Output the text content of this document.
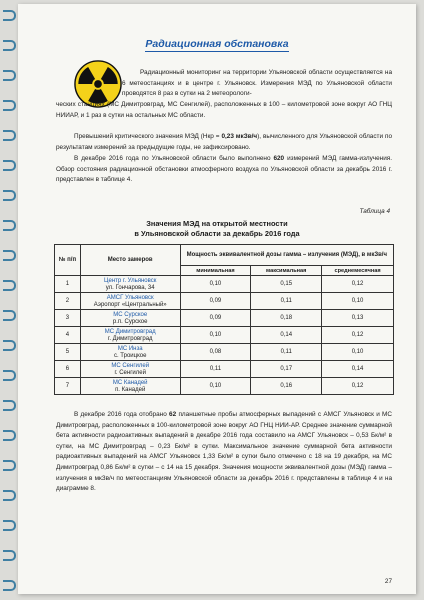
Радиационная обстановка

Радиационный мониторинг на территории Ульяновской области осуществляется на 6 метеостанциях и в центре г. Ульяновск. Измерения МЭД по Ульяновской области проводятся 8 раз в сутки на 2 метеорологи-

ческих станциях (МС Димитровград, МС Сенгилей), расположенных в 100 – километровой зоне вокруг АО ГНЦ НИИАР, и 1 раз в сутки на остальных МС области.

Превышений критического значения МЭД (Нкр = 0,23 мкЗв/ч), вычисленного для Ульяновской области по результатам измерений за предыдущие годы, не зафиксировано.

В декабре 2016 года по Ульяновской области было выполнено 620 измерений МЭД гамма-излучения. Обзор состояния радиационной обстановки атмосферного воздуха по Ульяновской области за декабрь 2016 г. представлен в таблице 4.

Таблица 4
Значения МЭД на открытой местности
в Ульяновской области за декабрь 2016 года
№ п/п	Место замеров	Мощность эквивалентной дозы гамма – излучения (МЭД), в мкЗв/ч		
		минимальная	максимальная	среднемесячная
1	Центр г. Ульяновск
ул. Гончарова, 34	0,10	0,15	0,12
2	АМСГ Ульяновск
Аэропорт «Центральный»	0,09	0,11	0,10
3	МС Сурское
р.п. Сурское	0,09	0,18	0,13
4	МС Димитровград
г. Димитровград	0,10	0,14	0,12
5	МС Инза
с. Троицкое	0,08	0,11	0,10
6	МС Сенгилей
г. Сенгилей	0,11	0,17	0,14
7	МС Канадей
п. Канадей	0,10	0,16	0,12

В декабре 2016 года отобрано 62 планшетные пробы атмосферных выпадений с АМСГ Ульяновск и МС Димитровград, расположенных в 100-километровой зоне вокруг АО ГНЦ НИИ-АР. Среднее значение суммарной бета активности радиоактивных выпадений в декабре 2016 года составило на АМСГ Ульяновск – 0,53 Бк/м² в сутки, на МС Димитровград – 0,23 Бк/м² в сутки. Максимальное значение суммарной бета активности радиоактивных выпадений на АМСГ Ульяновск 1,33 Бк/м² в сутки было отмечено с 18 на 19 декабря, на МС Димитровград 0,86 Бк/м² в сутки – с 14 на 15 декабря. Значения мощности эквивалентной дозы (МЭД) гамма – излучения в мкЗв/ч по метеостанциям Ульяновской области за декабрь 2016 г. представлены в таблице 4 и на диаграмме 8.

27
